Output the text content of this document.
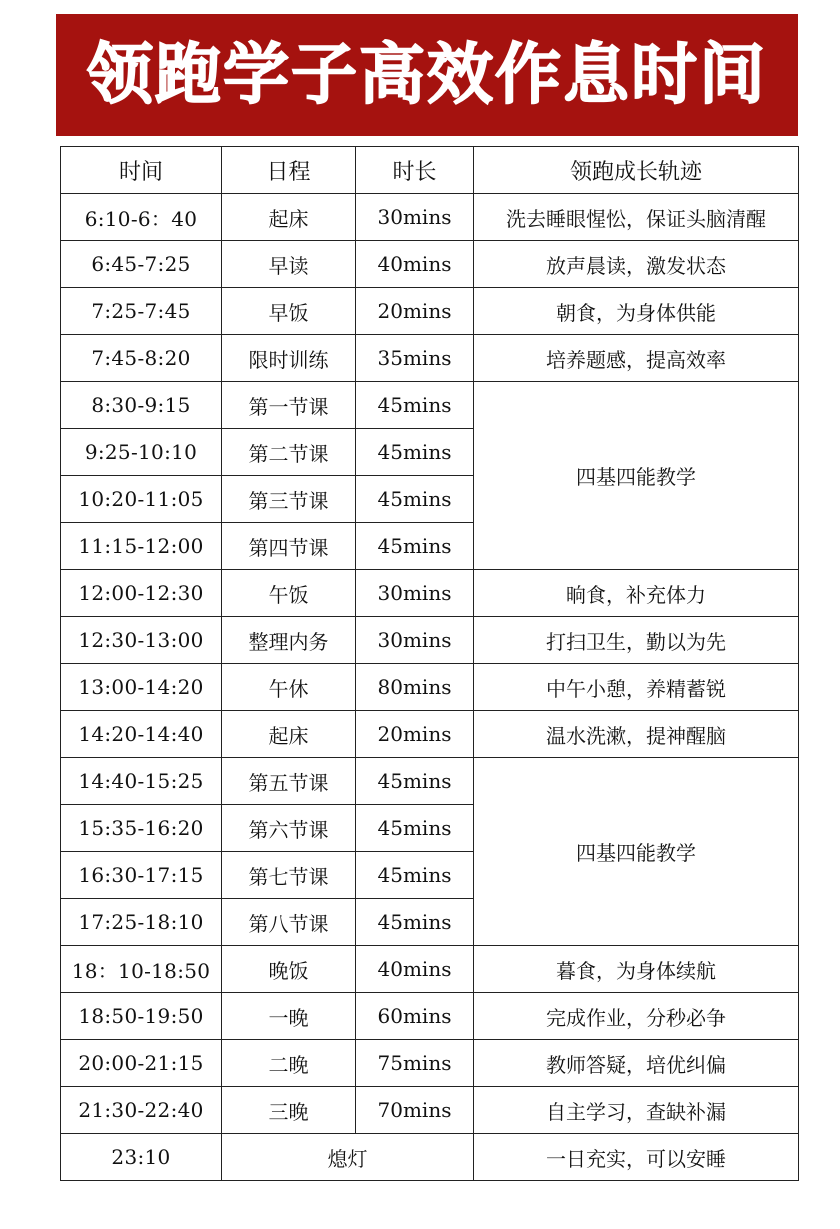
领跑学子高效作息时间
时间	日程	时长	领跑成长轨迹
6:10-6：40	起床	30mins	洗去睡眼惺忪，保证头脑清醒
6:45-7:25	早读	40mins	放声晨读，激发状态
7:25-7:45	早饭	20mins	朝食，为身体供能
7:45-8:20	限时训练	35mins	培养题感，提高效率
8:30-9:15	第一节课	45mins	四基四能教学
9:25-10:10	第二节课	45mins	
10:20-11:05	第三节课	45mins	
11:15-12:00	第四节课	45mins	
12:00-12:30	午饭	30mins	晌食，补充体力
12:30-13:00	整理内务	30mins	打扫卫生，勤以为先
13:00-14:20	午休	80mins	中午小憩，养精蓄锐
14:20-14:40	起床	20mins	温水洗漱，提神醒脑
14:40-15:25	第五节课	45mins	四基四能教学
15:35-16:20	第六节课	45mins	
16:30-17:15	第七节课	45mins	
17:25-18:10	第八节课	45mins	
18：10-18:50	晚饭	40mins	暮食，为身体续航
18:50-19:50	一晚	60mins	完成作业，分秒必争
20:00-21:15	二晚	75mins	教师答疑，培优纠偏
21:30-22:40	三晚	70mins	自主学习，查缺补漏
23:10	熄灯		一日充实，可以安睡
